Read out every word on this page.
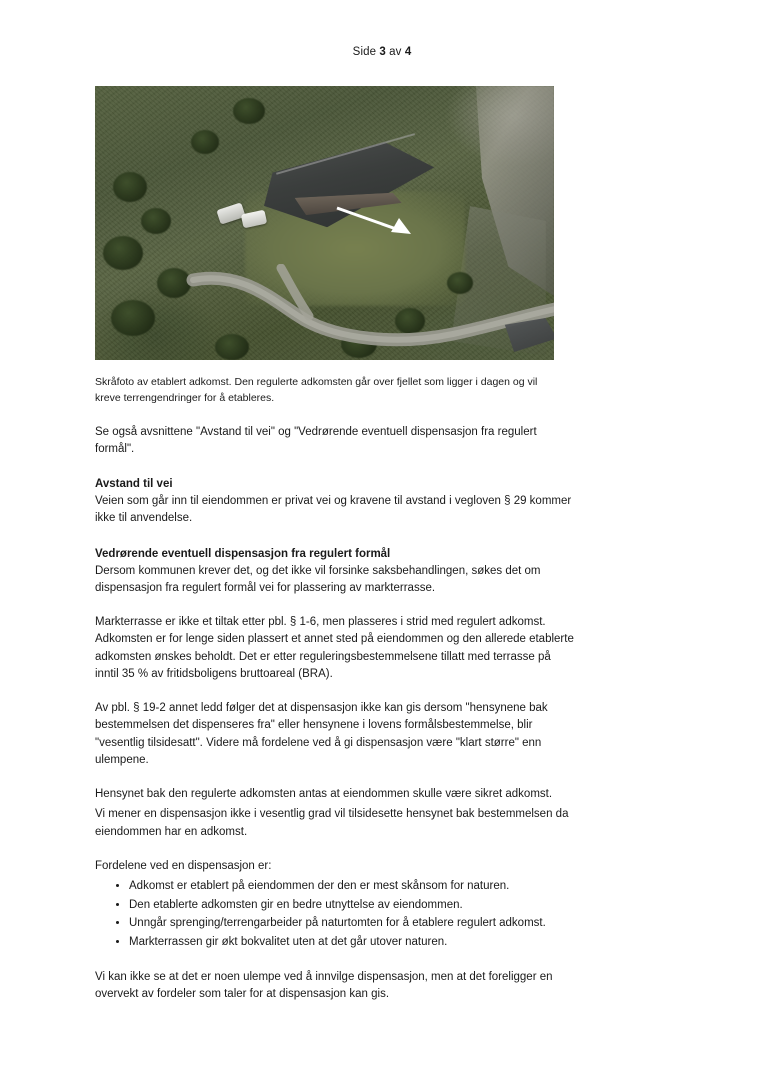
Side 3 av 4
Skråfoto av etablert adkomst. Den regulerte adkomsten går over fjellet som ligger i dagen og vil kreve terrengendringer for å etableres.

Se også avsnittene "Avstand til vei" og "Vedrørende eventuell dispensasjon fra regulert formål".

Avstand til vei

Veien som går inn til eiendommen er privat vei og kravene til avstand i vegloven § 29 kommer ikke til anvendelse.

Vedrørende eventuell dispensasjon fra regulert formål

Dersom kommunen krever det, og det ikke vil forsinke saksbehandlingen, søkes det om dispensasjon fra regulert formål vei for plassering av markterrasse.

Markterrasse er ikke et tiltak etter pbl. § 1-6, men plasseres i strid med regulert adkomst. Adkomsten er for lenge siden plassert et annet sted på eiendommen og den allerede etablerte adkomsten ønskes beholdt. Det er etter reguleringsbestemmelsene tillatt med terrasse på inntil 35 % av fritidsboligens bruttoareal (BRA).

Av pbl. § 19-2 annet ledd følger det at dispensasjon ikke kan gis dersom "hensynene bak bestemmelsen det dispenseres fra" eller hensynene i lovens formålsbestemmelse, blir "vesentlig tilsidesatt". Videre må fordelene ved å gi dispensasjon være "klart større" enn ulempene.

Hensynet bak den regulerte adkomsten antas at eiendommen skulle være sikret adkomst.

Vi mener en dispensasjon ikke i vesentlig grad vil tilsidesette hensynet bak bestemmelsen da eiendommen har en adkomst.

Fordelene ved en dispensasjon er:

• Adkomst er etablert på eiendommen der den er mest skånsom for naturen.
• Den etablerte adkomsten gir en bedre utnyttelse av eiendommen.
• Unngår sprenging/terrengarbeider på naturtomten for å etablere regulert adkomst.
• Markterrassen gir økt bokvalitet uten at det går utover naturen.

Vi kan ikke se at det er noen ulempe ved å innvilge dispensasjon, men at det foreligger en overvekt av fordeler som taler for at dispensasjon kan gis.
